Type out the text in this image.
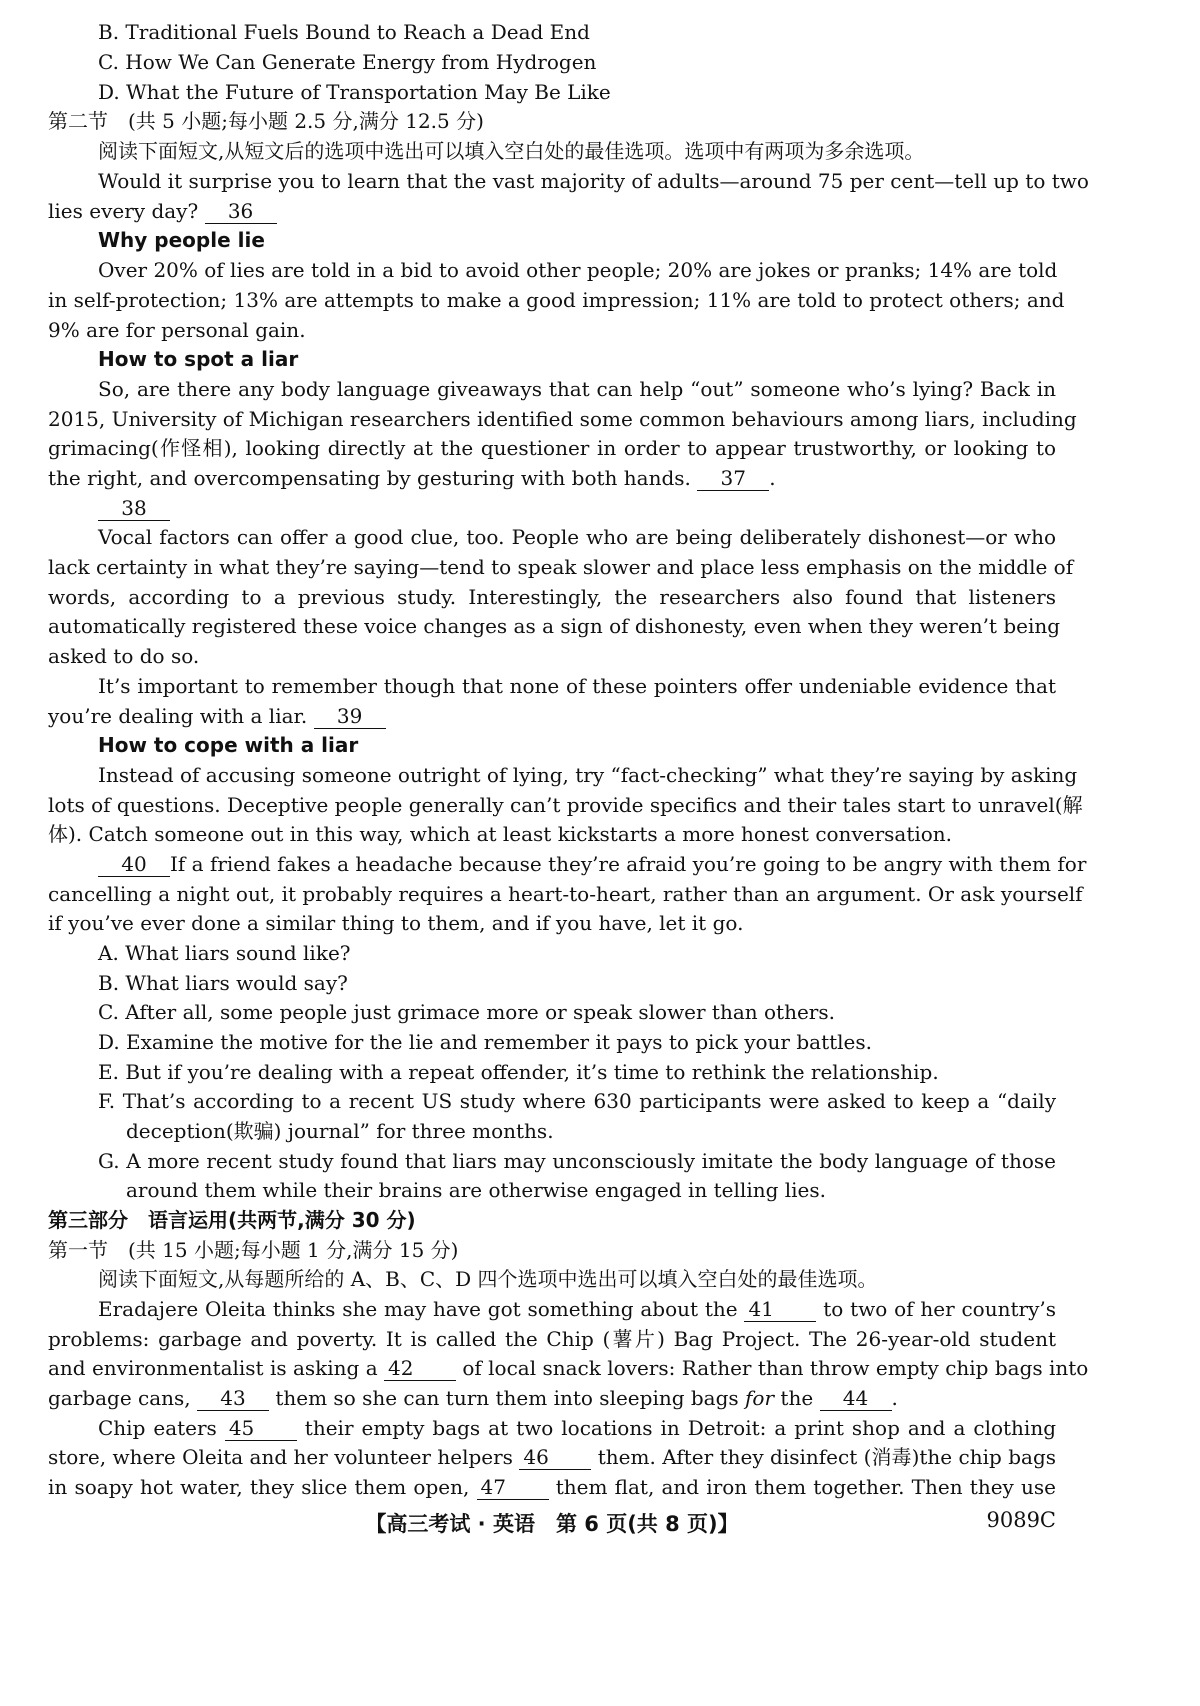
B. Traditional Fuels Bound to Reach a Dead End
C. How We Can Generate Energy from Hydrogen
D. What the Future of Transportation May Be Like
第二节　(共 5 小题;每小题 2.5 分,满分 12.5 分)
阅读下面短文,从短文后的选项中选出可以填入空白处的最佳选项。选项中有两项为多余选项。
Would it surprise you to learn that the vast majority of adults—around 75 per cent—tell up to two
lies every day? 36
Why people lie
Over 20% of lies are told in a bid to avoid other people; 20% are jokes or pranks; 14% are told
in self-protection; 13% are attempts to make a good impression; 11% are told to protect others; and
9% are for personal gain.
How to spot a liar
So, are there any body language giveaways that can help “out” someone who’s lying? Back in
2015, University of Michigan researchers identified some common behaviours among liars, including
grimacing(作怪相), looking directly at the questioner in order to appear trustworthy, or looking to
the right, and overcompensating by gesturing with both hands. 37 .
38
Vocal factors can offer a good clue, too. People who are being deliberately dishonest—or who
lack certainty in what they’re saying—tend to speak slower and place less emphasis on the middle of
words, according to a previous study. Interestingly, the researchers also found that listeners
automatically registered these voice changes as a sign of dishonesty, even when they weren’t being
asked to do so.
It’s important to remember though that none of these pointers offer undeniable evidence that
you’re dealing with a liar. 39
How to cope with a liar
Instead of accusing someone outright of lying, try “fact-checking” what they’re saying by asking
lots of questions. Deceptive people generally can’t provide specifics and their tales start to unravel(解
体). Catch someone out in this way, which at least kickstarts a more honest conversation.
40 If a friend fakes a headache because they’re afraid you’re going to be angry with them for
cancelling a night out, it probably requires a heart-to-heart, rather than an argument. Or ask yourself
if you’ve ever done a similar thing to them, and if you have, let it go.
A. What liars sound like?
B. What liars would say?
C. After all, some people just grimace more or speak slower than others.
D. Examine the motive for the lie and remember it pays to pick your battles.
E. But if you’re dealing with a repeat offender, it’s time to rethink the relationship.
F. That’s according to a recent US study where 630 participants were asked to keep a “daily
deception(欺骗) journal” for three months.
G. A more recent study found that liars may unconsciously imitate the body language of those
around them while their brains are otherwise engaged in telling lies.
第三部分　语言运用(共两节,满分 30 分)
第一节　(共 15 小题;每小题 1 分,满分 15 分)
阅读下面短文,从每题所给的 A、B、C、D 四个选项中选出可以填入空白处的最佳选项。
Eradajere Oleita thinks she may have got something about the 41 to two of her country’s
problems: garbage and poverty. It is called the Chip (薯片) Bag Project. The 26-year-old student
and environmentalist is asking a 42 of local snack lovers: Rather than throw empty chip bags into
garbage cans, 43 them so she can turn them into sleeping bags for the 44 .
Chip eaters 45	their empty bags at two locations in Detroit: a print shop and a clothing
store, where Oleita and her volunteer helpers 46 them. After they disinfect (消毒)the chip bags
in soapy hot water, they slice them open, 47 them flat, and iron them together. Then they use
【高三考试 · 英语　第 6 页(共 8 页)】	9089C
